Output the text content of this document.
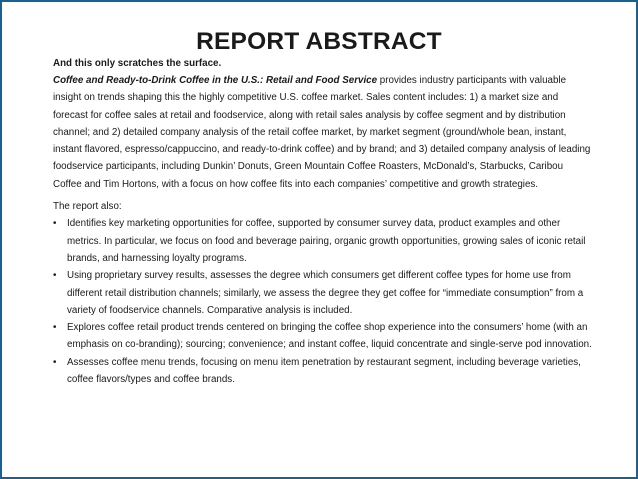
REPORT ABSTRACT

And this only scratches the surface.

Coffee and Ready-to-Drink Coffee in the U.S.: Retail and Food Service provides industry participants with valuable insight on trends shaping this the highly competitive U.S. coffee market. Sales content includes: 1) a market size and forecast for coffee sales at retail and foodservice, along with retail sales analysis by coffee segment and by distribution channel; and 2) detailed company analysis of the retail coffee market, by market segment (ground/whole bean, instant, instant flavored, espresso/cappuccino, and ready-to-drink coffee) and by brand; and 3) detailed company analysis of leading foodservice participants, including Dunkin’ Donuts, Green Mountain Coffee Roasters, McDonald’s, Starbucks, Caribou Coffee and Tim Hortons, with a focus on how coffee fits into each companies’ competitive and growth strategies.

The report also:

• Identifies key marketing opportunities for coffee, supported by consumer survey data, product examples and other metrics. In particular, we focus on food and beverage pairing, organic growth opportunities, growing sales of iconic retail brands, and harnessing loyalty programs.
• Using proprietary survey results, assesses the degree which consumers get different coffee types for home use from different retail distribution channels; similarly, we assess the degree they get coffee for “immediate consumption” from a variety of foodservice channels. Comparative analysis is included.
• Explores coffee retail product trends centered on bringing the coffee shop experience into the consumers’ home (with an emphasis on co-branding); sourcing; convenience; and instant coffee, liquid concentrate and single-serve pod innovation.
• Assesses coffee menu trends, focusing on menu item penetration by restaurant segment, including beverage varieties, coffee flavors/types and coffee brands.
